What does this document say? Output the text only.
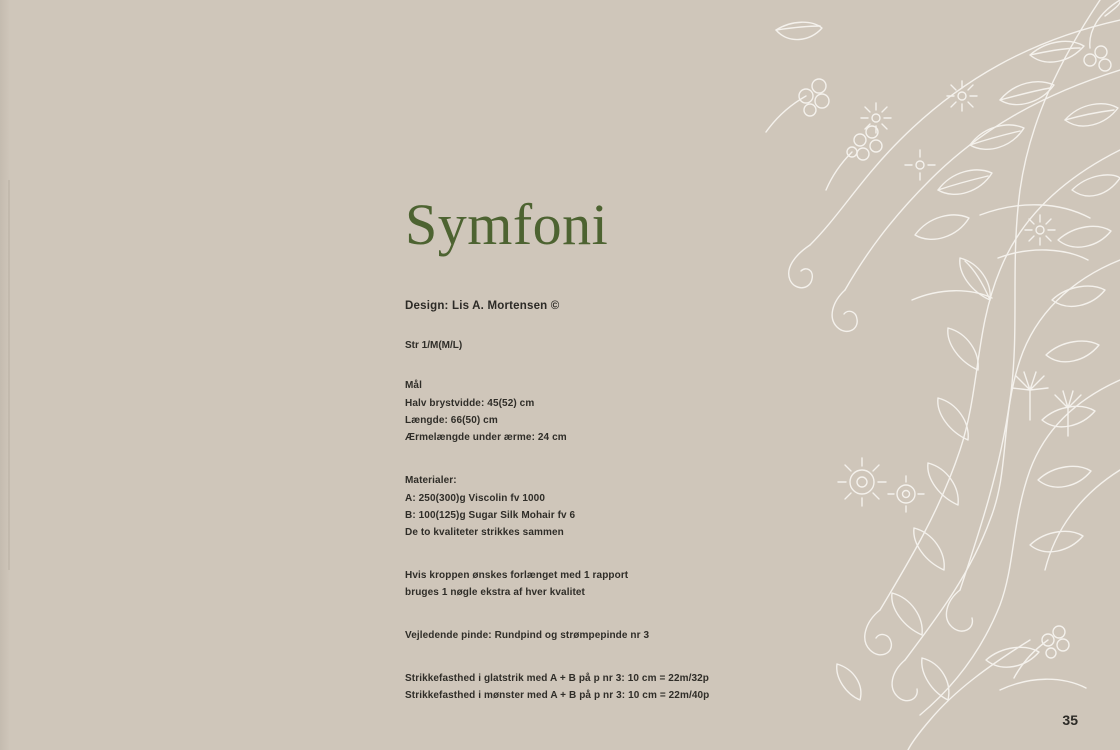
Symfoni
Design: Lis A. Mortensen ©
Str 1/M(M/L)
Mål
Halv brystvidde: 45(52) cm
Længde: 66(50) cm
Ærmelængde under ærme: 24 cm
Materialer:
A: 250(300)g Viscolin fv 1000
B: 100(125)g Sugar Silk Mohair fv 6
De to kvaliteter strikkes sammen
Hvis kroppen ønskes forlænget med 1 rapport
bruges 1 nøgle ekstra af hver kvalitet
Vejledende pinde: Rundpind og strømpepinde nr 3
Strikkefasthed i glatstrik med A + B på p nr 3: 10 cm = 22m/32p
Strikkefasthed i mønster med A + B på p nr 3: 10 cm = 22m/40p
35
